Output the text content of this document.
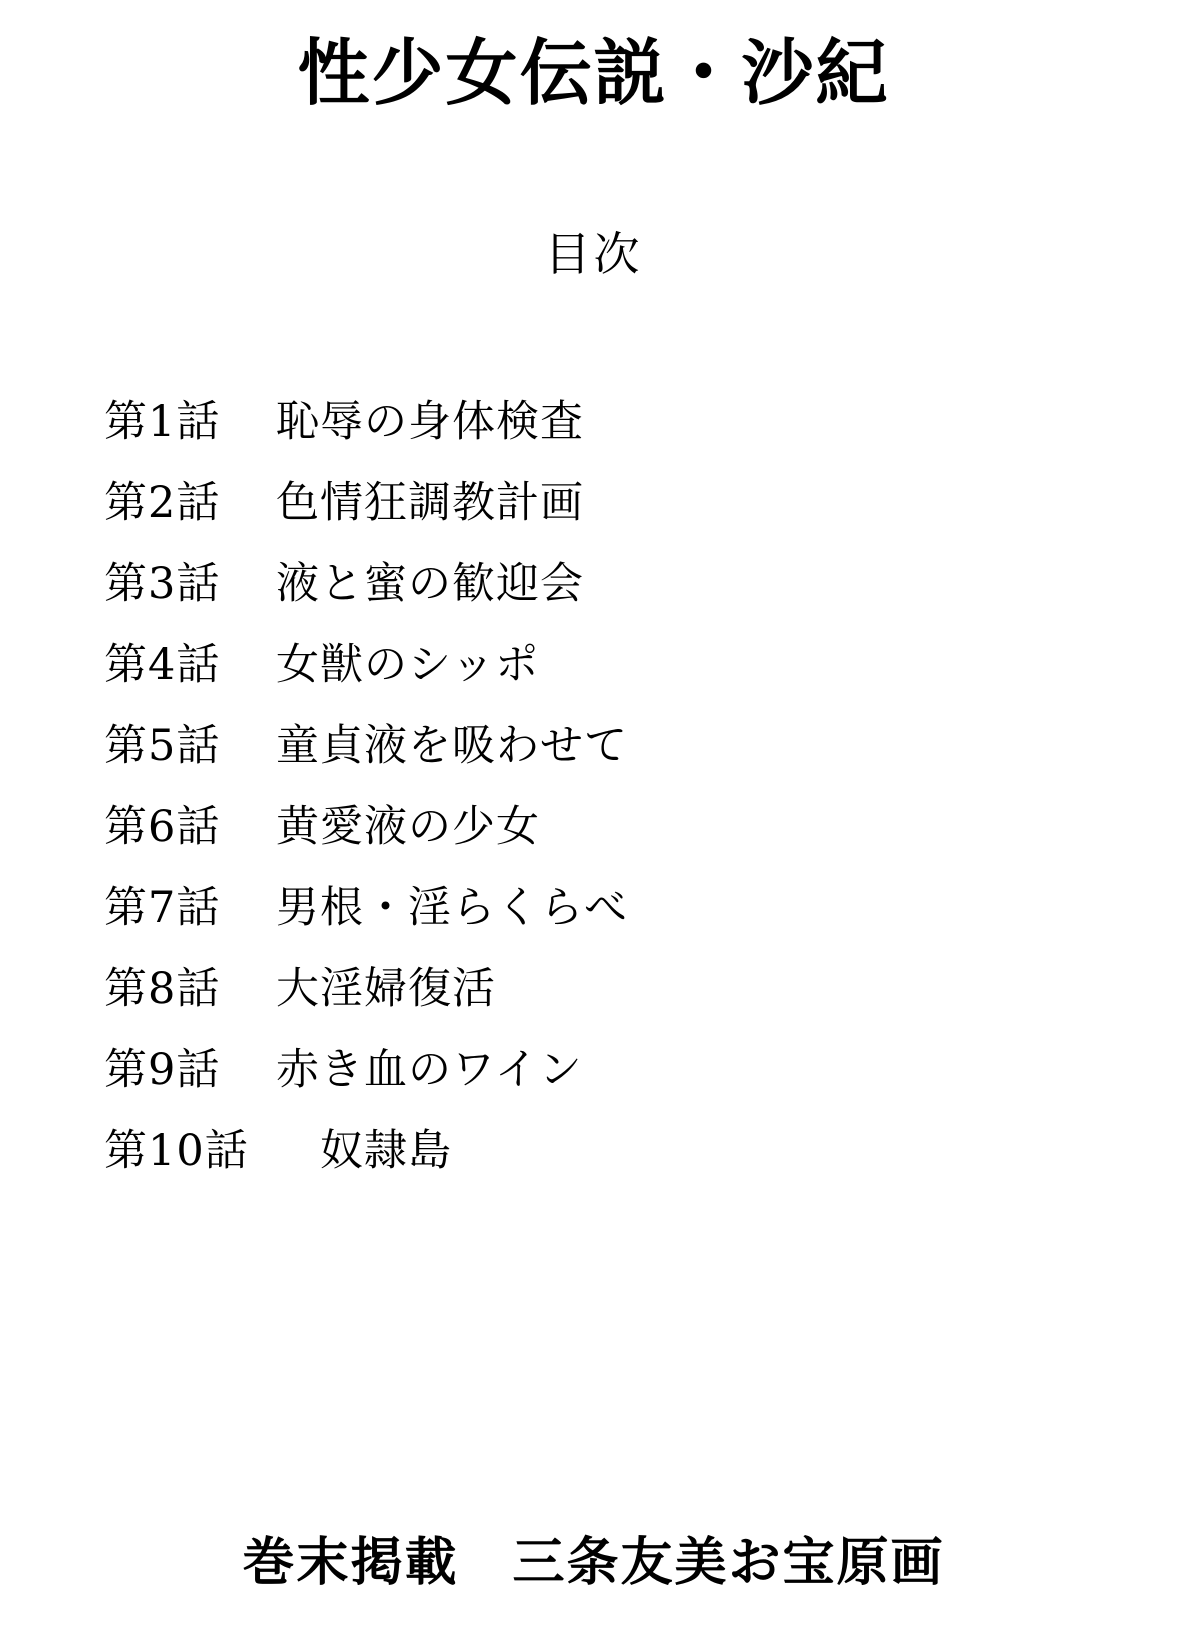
性少女伝説・沙紀
目次
第1話 恥辱の身体検査
第2話 色情狂調教計画
第3話 液と蜜の歓迎会
第4話 女獣のシッポ
第5話 童貞液を吸わせて
第6話 黄愛液の少女
第7話 男根・淫らくらべ
第8話 大淫婦復活
第9話 赤き血のワイン
第10話　奴隷島
巻末掲載　三条友美お宝原画
